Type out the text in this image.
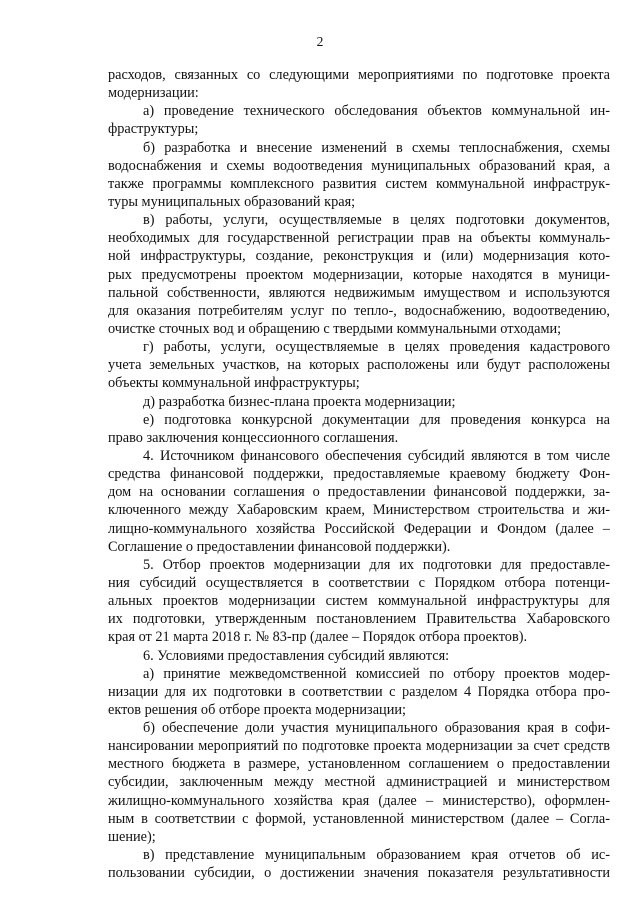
2
расходов, связанных со следующими мероприятиями по подготовке проекта
модернизации:
а) проведение технического обследования объектов коммунальной ин-
фраструктуры;
б) разработка и внесение изменений в схемы теплоснабжения, схемы
водоснабжения и схемы водоотведения муниципальных образований края, а
также программы комплексного развития систем коммунальной инфраструк-
туры муниципальных образований края;
в) работы, услуги, осуществляемые в целях подготовки документов,
необходимых для государственной регистрации прав на объекты коммуналь-
ной инфраструктуры, создание, реконструкция и (или) модернизация кото-
рых предусмотрены проектом модернизации, которые находятся в муници-
пальной собственности, являются недвижимым имуществом и используются
для оказания потребителям услуг по тепло-, водоснабжению, водоотведению,
очистке сточных вод и обращению с твердыми коммунальными отходами;
г) работы, услуги, осуществляемые в целях проведения кадастрового
учета земельных участков, на которых расположены или будут расположены
объекты коммунальной инфраструктуры;
д) разработка бизнес-плана проекта модернизации;
е) подготовка конкурсной документации для проведения конкурса на
право заключения концессионного соглашения.
4. Источником финансового обеспечения субсидий являются в том числе
средства финансовой поддержки, предоставляемые краевому бюджету Фон-
дом на основании соглашения о предоставлении финансовой поддержки, за-
ключенного между Хабаровским краем, Министерством строительства и жи-
лищно-коммунального хозяйства Российской Федерации и Фондом (далее –
Соглашение о предоставлении финансовой поддержки).
5. Отбор проектов модернизации для их подготовки для предоставле-
ния субсидий осуществляется в соответствии с Порядком отбора потенци-
альных проектов модернизации систем коммунальной инфраструктуры для
их подготовки, утвержденным постановлением Правительства Хабаровского
края от 21 марта 2018 г. № 83-пр (далее – Порядок отбора проектов).
6. Условиями предоставления субсидий являются:
а) принятие межведомственной комиссией по отбору проектов модер-
низации для их подготовки в соответствии с разделом 4 Порядка отбора про-
ектов решения об отборе проекта модернизации;
б) обеспечение доли участия муниципального образования края в софи-
нансировании мероприятий по подготовке проекта модернизации за счет средств
местного бюджета в размере, установленном соглашением о предоставлении
субсидии, заключенным между местной администрацией и министерством
жилищно-коммунального хозяйства края (далее – министерство), оформлен-
ным в соответствии с формой, установленной министерством (далее – Согла-
шение);
в) представление муниципальным образованием края отчетов об ис-
пользовании субсидии, о достижении значения показателя результативности
